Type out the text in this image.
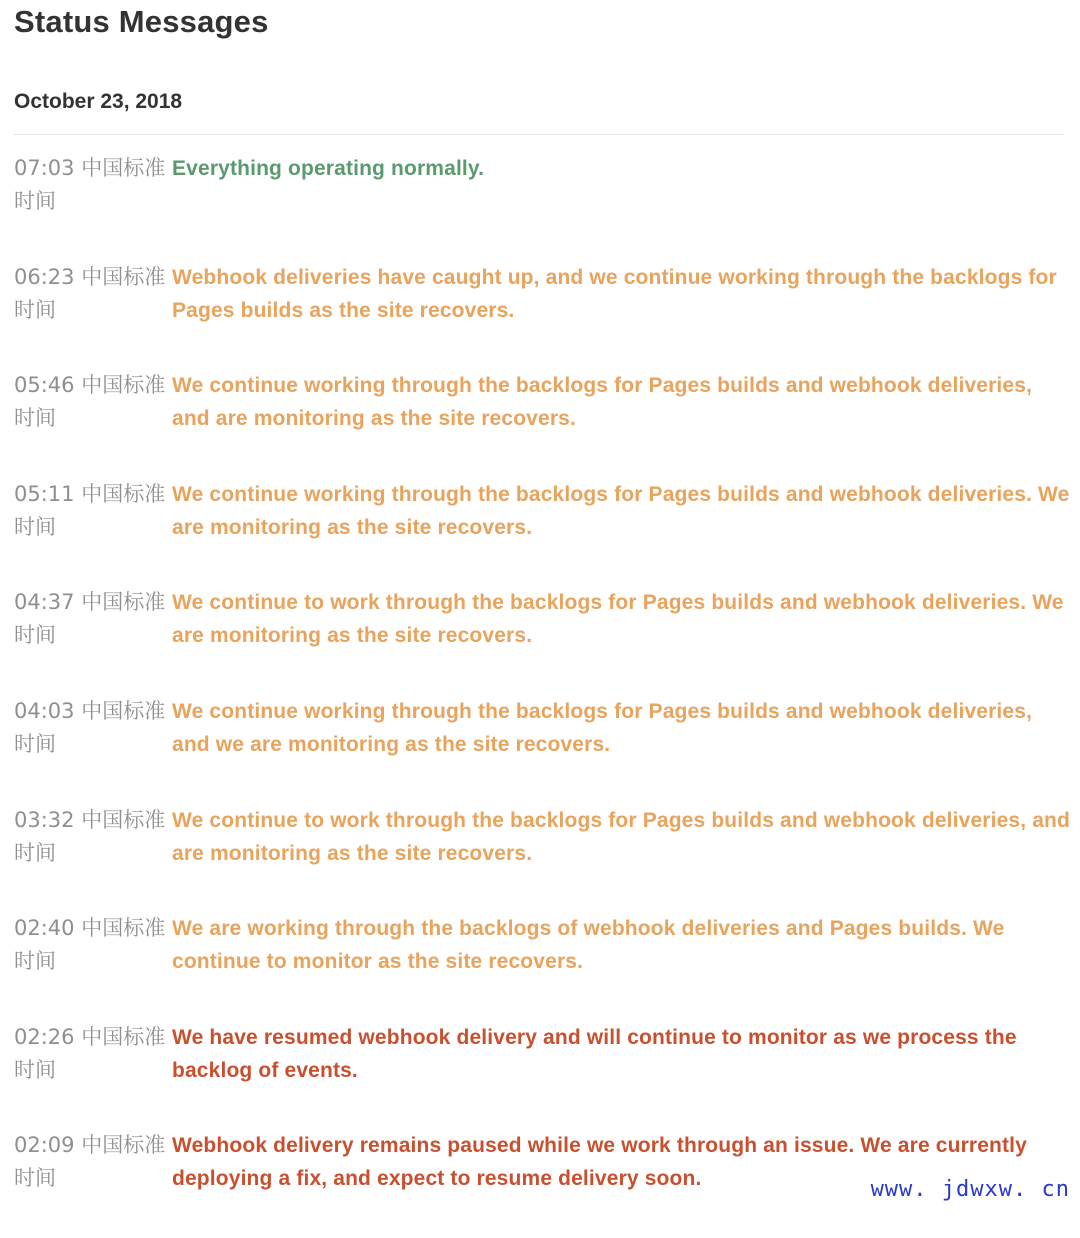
Status Messages
October 23, 2018
07:03 中国标准时间
Everything operating normally.
06:23 中国标准时间
Webhook deliveries have caught up, and we continue working through the backlogs for Pages builds as the site recovers.
05:46 中国标准时间
We continue working through the backlogs for Pages builds and webhook deliveries, and are monitoring as the site recovers.
05:11 中国标准时间
We continue working through the backlogs for Pages builds and webhook deliveries. We are monitoring as the site recovers.
04:37 中国标准时间
We continue to work through the backlogs for Pages builds and webhook deliveries. We are monitoring as the site recovers.
04:03 中国标准时间
We continue working through the backlogs for Pages builds and webhook deliveries, and we are monitoring as the site recovers.
03:32 中国标准时间
We continue to work through the backlogs for Pages builds and webhook deliveries, and are monitoring as the site recovers.
02:40 中国标准时间
We are working through the backlogs of webhook deliveries and Pages builds. We continue to monitor as the site recovers.
02:26 中国标准时间
We have resumed webhook delivery and will continue to monitor as we process the backlog of events.
02:09 中国标准时间
Webhook delivery remains paused while we work through an issue. We are currently deploying a fix, and expect to resume delivery soon.	www. jdwxw. cn
